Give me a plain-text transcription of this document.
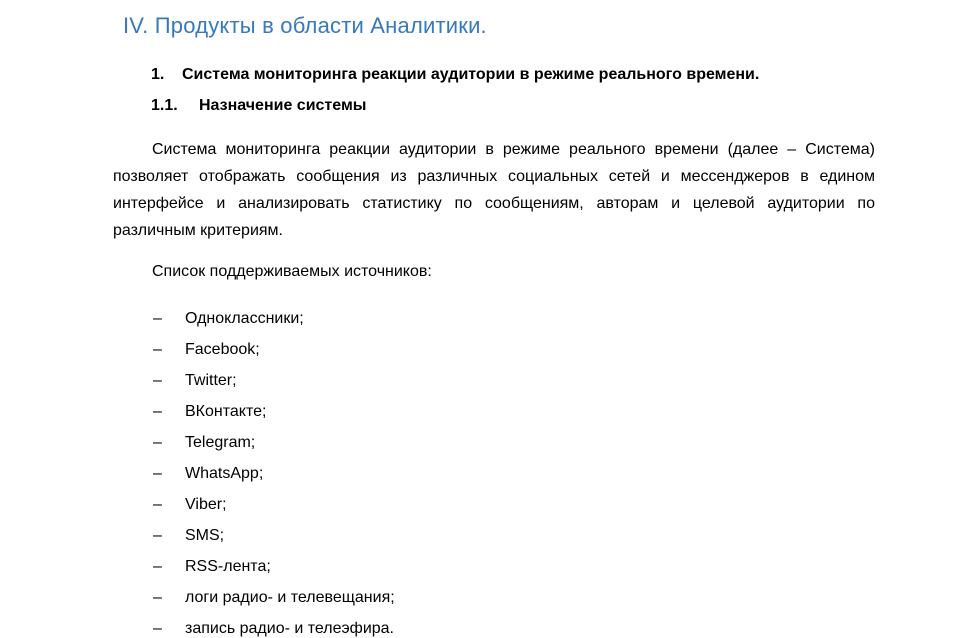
IV. Продукты в области Аналитики.
1.	Система мониторинга реакции аудитории в режиме реального времени.
1.1.	Назначение системы

Система мониторинга реакции аудитории в режиме реального времени (далее – Система) позволяет отображать сообщения из различных социальных сетей и мессенджеров в едином интерфейсе и анализировать статистику по сообщениям, авторам и целевой аудитории по различным критериям.

Список поддерживаемых источников:

–	Одноклассники;
–	Facebook;
–	Twitter;
–	ВКонтакте;
–	Telegram;
–	WhatsApp;
–	Viber;
–	SMS;
–	RSS-лента;
–	логи радио- и телевещания;
–	запись радио- и телеэфира.
